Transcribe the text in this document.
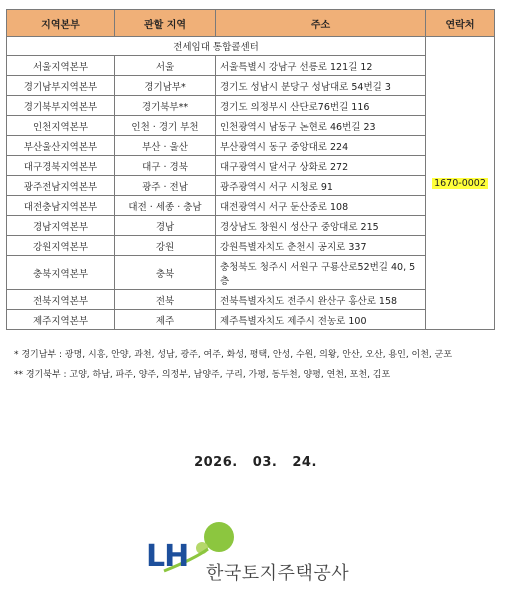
지역본부	관할 지역	주소	연락처
전세임대 통합콜센터			1670-0002
서울지역본부	서울	서울특별시 강남구 선릉로 121길 12	
경기남부지역본부	경기남부*	경기도 성남시 분당구 성남대로 54번길 3	
경기북부지역본부	경기북부**	경기도 의정부시 산단로76번길 116	
인천지역본부	인천 · 경기 부천	인천광역시 남동구 논현로 46번길 23	
부산울산지역본부	부산 · 울산	부산광역시 동구 중앙대로 224	
대구경북지역본부	대구 · 경북	대구광역시 달서구 상화로 272	
광주전남지역본부	광주 · 전남	광주광역시 서구 시청로 91	
대전충남지역본부	대전 · 세종 · 충남	대전광역시 서구 둔산중로 108	
경남지역본부	경남	경상남도 창원시 성산구 중앙대로 215	
강원지역본부	강원	강원특별자치도 춘천시 공지로 337	
충북지역본부	충북	충청북도 청주시 서원구 구룡산로52번길 40, 5층	
전북지역본부	전북	전북특별자치도 전주시 완산구 홍산로 158	
제주지역본부	제주	제주특별자치도 제주시 전농로 100	
* 경기남부 : 광명, 시흥, 안양, 과천, 성남, 광주, 여주, 화성, 평택, 안성, 수원, 의왕, 안산, 오산, 용인, 이천, 군포
** 경기북부 : 고양, 하남, 파주, 양주, 의정부, 남양주, 구리, 가평, 동두천, 양평, 연천, 포천, 김포
2026.   03.   24.
LH 한국토지주택공사
